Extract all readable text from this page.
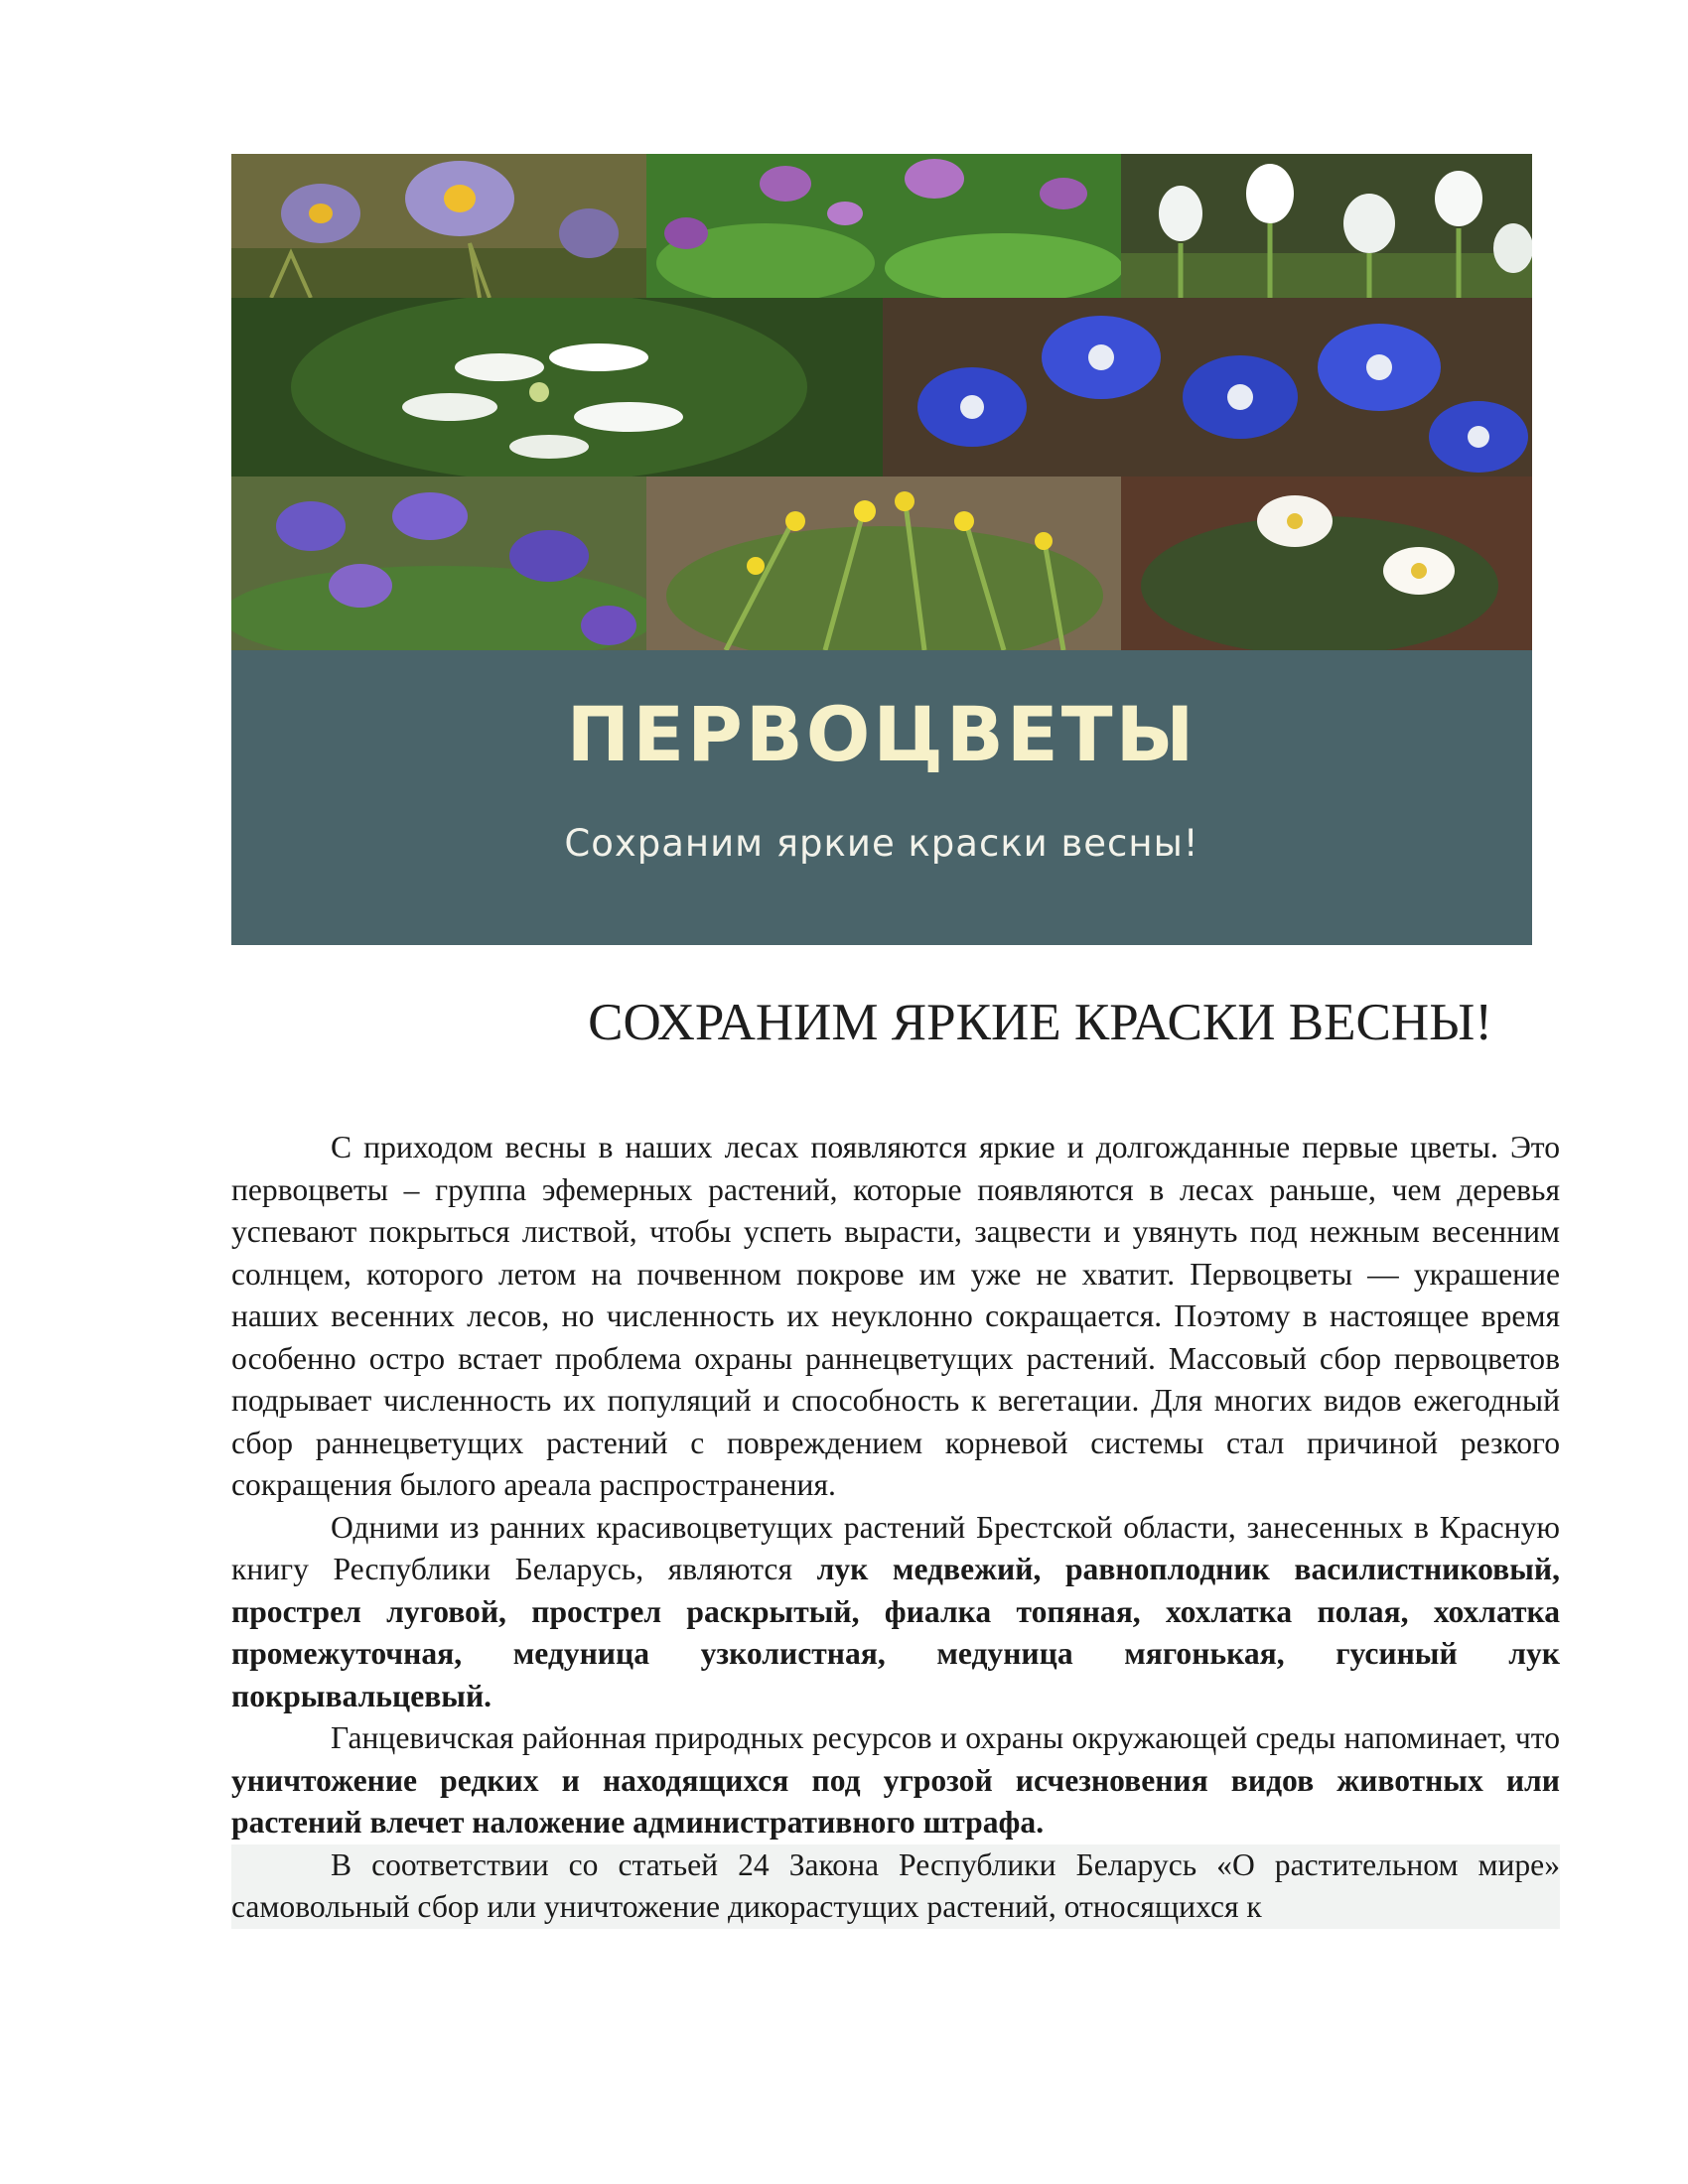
ПЕРВОЦВЕТЫ
Сохраним яркие краски весны!
СОХРАНИМ ЯРКИЕ КРАСКИ ВЕСНЫ!

С приходом весны в наших лесах появляются яркие и долгожданные первые цветы. Это первоцветы – группа эфемерных растений, которые появляются в лесах раньше, чем деревья успевают покрыться листвой, чтобы успеть вырасти, зацвести и увянуть под нежным весенним солнцем, которого летом на почвенном покрове им уже не хватит. Первоцветы — украшение наших весенних лесов, но численность их неуклонно сокращается. Поэтому в настоящее время особенно остро встает проблема охраны раннецветущих растений. Массовый сбор первоцветов подрывает численность их популяций и способность к вегетации. Для многих видов ежегодный сбор раннецветущих растений с повреждением корневой системы стал причиной резкого сокращения былого ареала распространения.

Одними из ранних красивоцветущих растений Брестской области, занесенных в Красную книгу Республики Беларусь, являются лук медвежий, равноплодник василистниковый, прострел луговой, прострел раскрытый, фиалка топяная, хохлатка полая, хохлатка промежуточная, медуница узколистная, медуница мягонькая, гусиный лук покрывальцевый.

Ганцевичская районная природных ресурсов и охраны окружающей среды напоминает, что уничтожение редких и находящихся под угрозой исчезновения видов животных или растений влечет наложение административного штрафа.

В соответствии со статьей 24 Закона Республики Беларусь «О растительном мире» самовольный сбор или уничтожение дикорастущих растений, относящихся к
